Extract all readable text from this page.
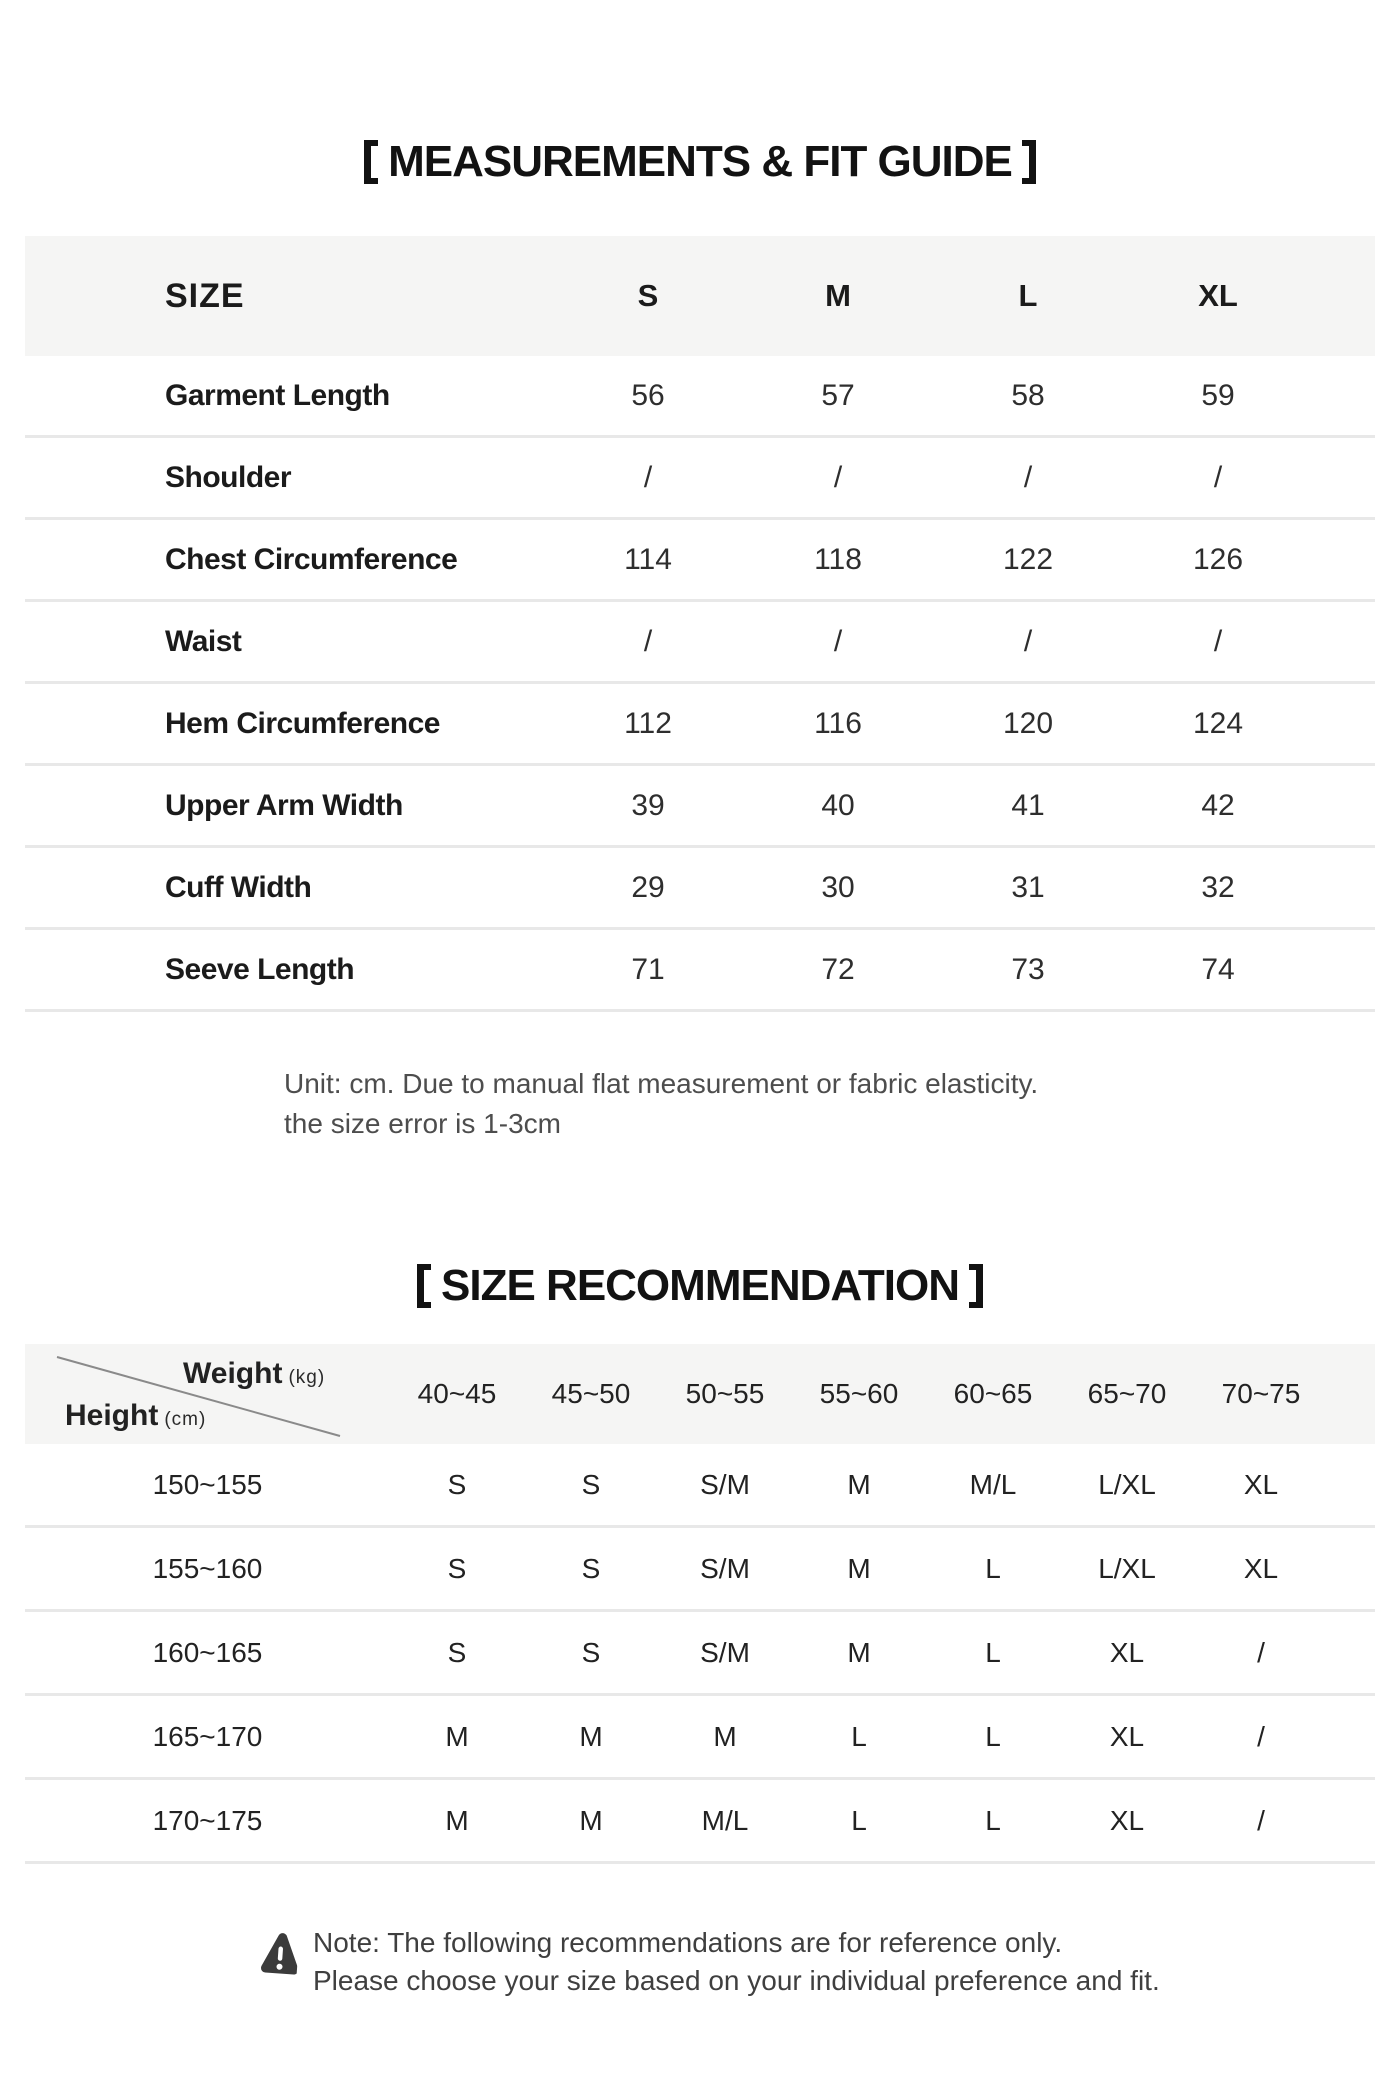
MEASUREMENTS & FIT GUIDE
SIZE	S	M	L	XL
Garment Length	56	57	58	59
Shoulder	/	/	/	/
Chest Circumference	114	118	122	126
Waist	/	/	/	/
Hem Circumference	112	116	120	124
Upper Arm Width	39	40	41	42
Cuff Width	29	30	31	32
Seeve Length	71	72	73	74
Unit: cm. Due to manual flat measurement or fabric elasticity.
the size error is 1-3cm
SIZE RECOMMENDATION
Weight (kg)
Height (cm)
40~45	45~50	50~55	55~60	60~65	65~70	70~75
150~155	S	S	S/M	M	M/L	L/XL	XL
155~160	S	S	S/M	M	L	L/XL	XL
160~165	S	S	S/M	M	L	XL	/
165~170	M	M	M	L	L	XL	/
170~175	M	M	M/L	L	L	XL	/
Note: The following recommendations are for reference only.
Please choose your size based on your individual preference and fit.
